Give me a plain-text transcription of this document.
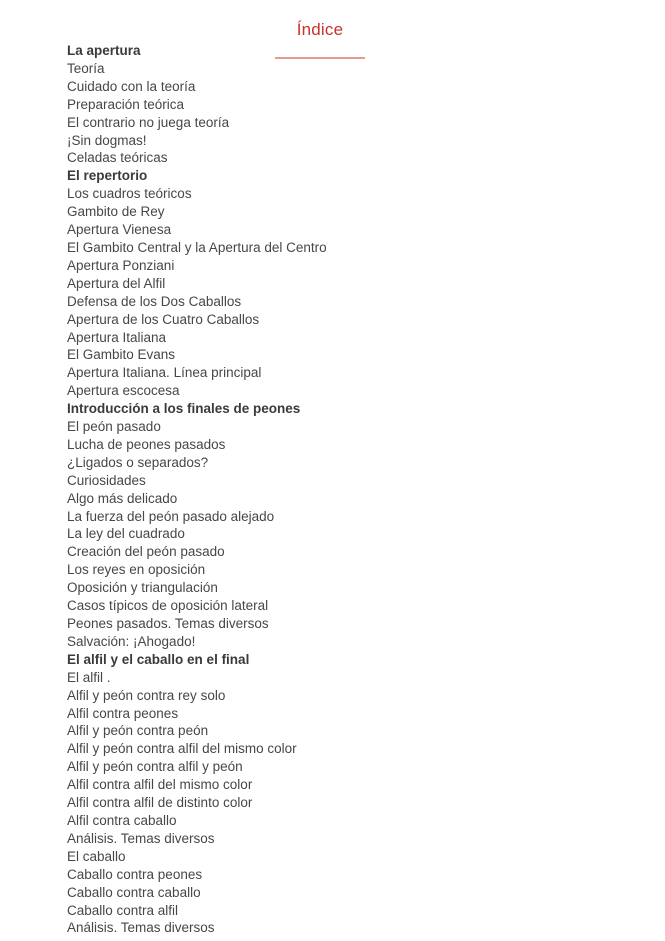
Índice
La apertura
Teoría
Cuidado con la teoría
Preparación teórica
El contrario no juega teoría
¡Sin dogmas!
Celadas teóricas
El repertorio
Los cuadros teóricos
Gambito de Rey
Apertura Vienesa
El Gambito Central y la Apertura del Centro
Apertura Ponziani
Apertura del Alfil
Defensa de los Dos Caballos
Apertura de los Cuatro Caballos
Apertura Italiana
El Gambito Evans
Apertura Italiana. Línea principal
Apertura escocesa
Introducción a los finales de peones
El peón pasado
Lucha de peones pasados
¿Ligados o separados?
Curiosidades
Algo más delicado
La fuerza del peón pasado alejado
La ley del cuadrado
Creación del peón pasado
Los reyes en oposición
Oposición y triangulación
Casos típicos de oposición lateral
Peones pasados. Temas diversos
Salvación: ¡Ahogado!
El alfil y el caballo en el final
El alfil .
Alfil y peón contra rey solo
Alfil contra peones
Alfil y peón contra peón
Alfil y peón contra alfil del mismo color
Alfil y peón contra alfil y peón
Alfil contra alfil del mismo color
Alfil contra alfil de distinto color
Alfil contra caballo
Análisis. Temas diversos
El caballo
Caballo contra peones
Caballo contra caballo
Caballo contra alfil
Análisis. Temas diversos
